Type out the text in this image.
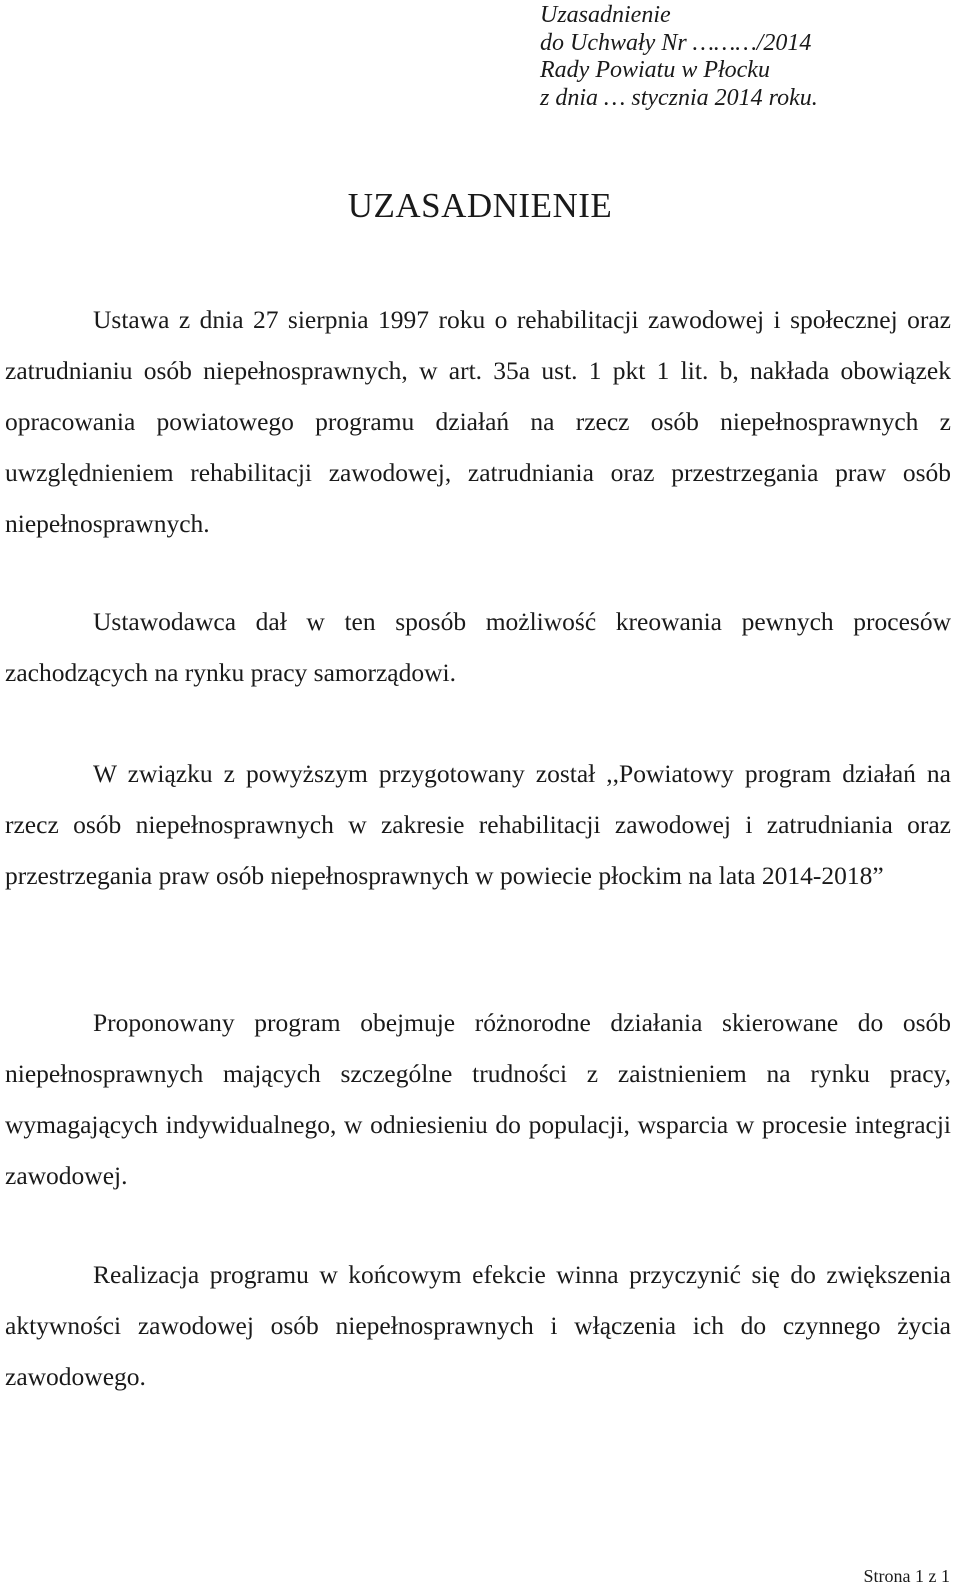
Uzasadnienie
do Uchwały Nr ………/2014
Rady Powiatu w Płocku
z dnia … stycznia 2014 roku.
UZASADNIENIE

Ustawa z dnia 27 sierpnia 1997 roku o rehabilitacji zawodowej i społecznej oraz zatrudnianiu osób niepełnosprawnych, w art. 35a ust. 1 pkt 1 lit. b, nakłada obowiązek opracowania powiatowego programu działań na rzecz osób niepełnosprawnych z uwzględnieniem rehabilitacji zawodowej, zatrudniania oraz przestrzegania praw osób niepełnosprawnych.

Ustawodawca dał w ten sposób możliwość kreowania pewnych procesów zachodzących na rynku pracy samorządowi.

W związku z powyższym przygotowany został ,,Powiatowy program działań na rzecz osób niepełnosprawnych w zakresie rehabilitacji zawodowej i zatrudniania oraz przestrzegania praw osób niepełnosprawnych w powiecie płockim na lata 2014-2018”

Proponowany program obejmuje różnorodne działania skierowane do osób niepełnosprawnych mających szczególne trudności z zaistnieniem na rynku pracy, wymagających indywidualnego, w odniesieniu do populacji, wsparcia w procesie integracji zawodowej.

Realizacja programu w końcowym efekcie winna przyczynić się do zwiększenia aktywności zawodowej osób niepełnosprawnych i włączenia ich do czynnego życia zawodowego.

Strona 1 z 1
